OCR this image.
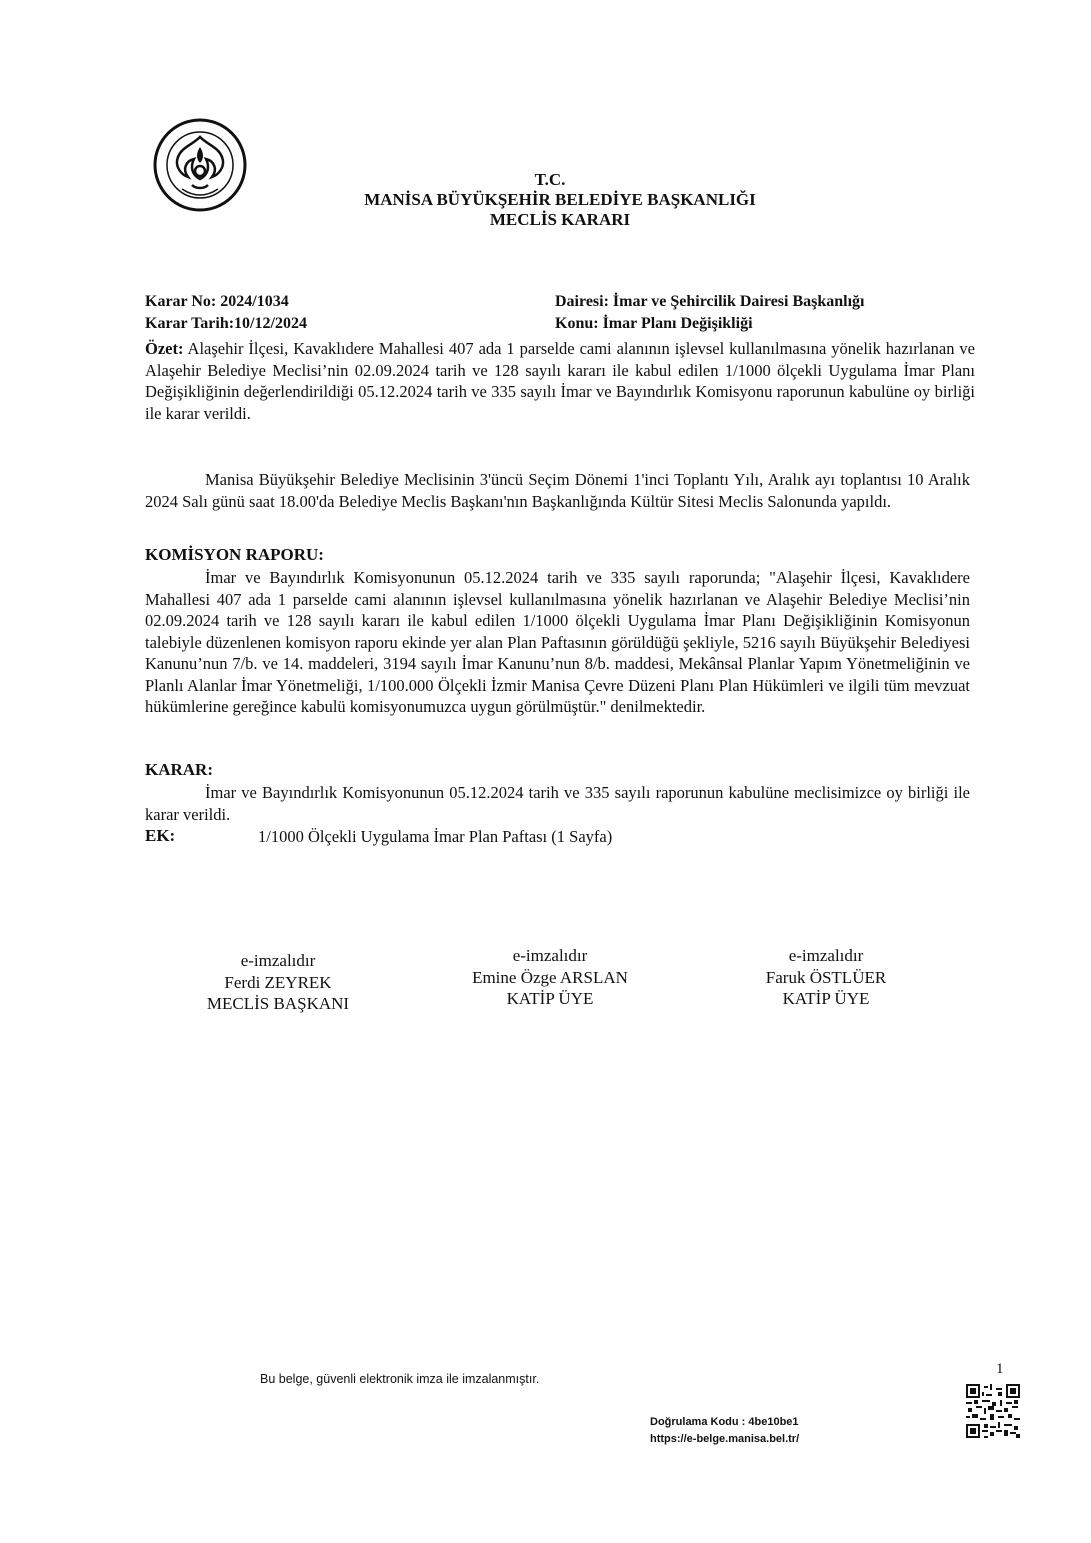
T.C.
MANİSA BÜYÜKŞEHİR BELEDİYE BAŞKANLIĞI
MECLİS KARARI
Karar No: 2024/1034
Karar Tarih:10/12/2024
Dairesi: İmar ve Şehircilik Dairesi Başkanlığı
Konu: İmar Planı Değişikliği
Özet: Alaşehir İlçesi, Kavaklıdere Mahallesi 407 ada 1 parselde cami alanının işlevsel kullanılmasına yönelik hazırlanan ve Alaşehir Belediye Meclisi’nin 02.09.2024 tarih ve 128 sayılı kararı ile kabul edilen 1/1000 ölçekli Uygulama İmar Planı Değişikliğinin değerlendirildiği 05.12.2024 tarih ve 335 sayılı İmar ve Bayındırlık Komisyonu raporunun kabulüne oy birliği ile karar verildi.
Manisa Büyükşehir Belediye Meclisinin 3'üncü Seçim Dönemi 1'inci Toplantı Yılı, Aralık ayı toplantısı 10 Aralık 2024 Salı günü saat 18.00'da Belediye Meclis Başkanı'nın Başkanlığında Kültür Sitesi Meclis Salonunda yapıldı.
KOMİSYON RAPORU:
İmar ve Bayındırlık Komisyonunun 05.12.2024 tarih ve 335 sayılı raporunda; "Alaşehir İlçesi, Kavaklıdere Mahallesi 407 ada 1 parselde cami alanının işlevsel kullanılmasına yönelik hazırlanan ve Alaşehir Belediye Meclisi’nin 02.09.2024 tarih ve 128 sayılı kararı ile kabul edilen 1/1000 ölçekli Uygulama İmar Planı Değişikliğinin Komisyonun talebiyle düzenlenen komisyon raporu ekinde yer alan Plan Paftasının görüldüğü şekliyle, 5216 sayılı Büyükşehir Belediyesi Kanunu’nun 7/b. ve 14. maddeleri, 3194 sayılı İmar Kanunu’nun 8/b. maddesi, Mekânsal Planlar Yapım Yönetmeliğinin ve Planlı Alanlar İmar Yönetmeliği, 1/100.000 Ölçekli İzmir Manisa Çevre Düzeni Planı Plan Hükümleri ve ilgili tüm mevzuat hükümlerine gereğince kabulü komisyonumuzca uygun görülmüştür." denilmektedir.
KARAR:
İmar ve Bayındırlık Komisyonunun 05.12.2024 tarih ve 335 sayılı raporunun kabulüne meclisimizce oy birliği ile karar verildi.
EK:	1/1000 Ölçekli Uygulama İmar Plan Paftası (1 Sayfa)
e-imzalıdır
Ferdi ZEYREK
MECLİS BAŞKANI
e-imzalıdır
Emine Özge ARSLAN
KATİP ÜYE
e-imzalıdır
Faruk ÖSTLÜER
KATİP ÜYE
1
Bu belge, güvenli elektronik imza ile imzalanmıştır.
Doğrulama Kodu : 4be10be1
https://e-belge.manisa.bel.tr/
